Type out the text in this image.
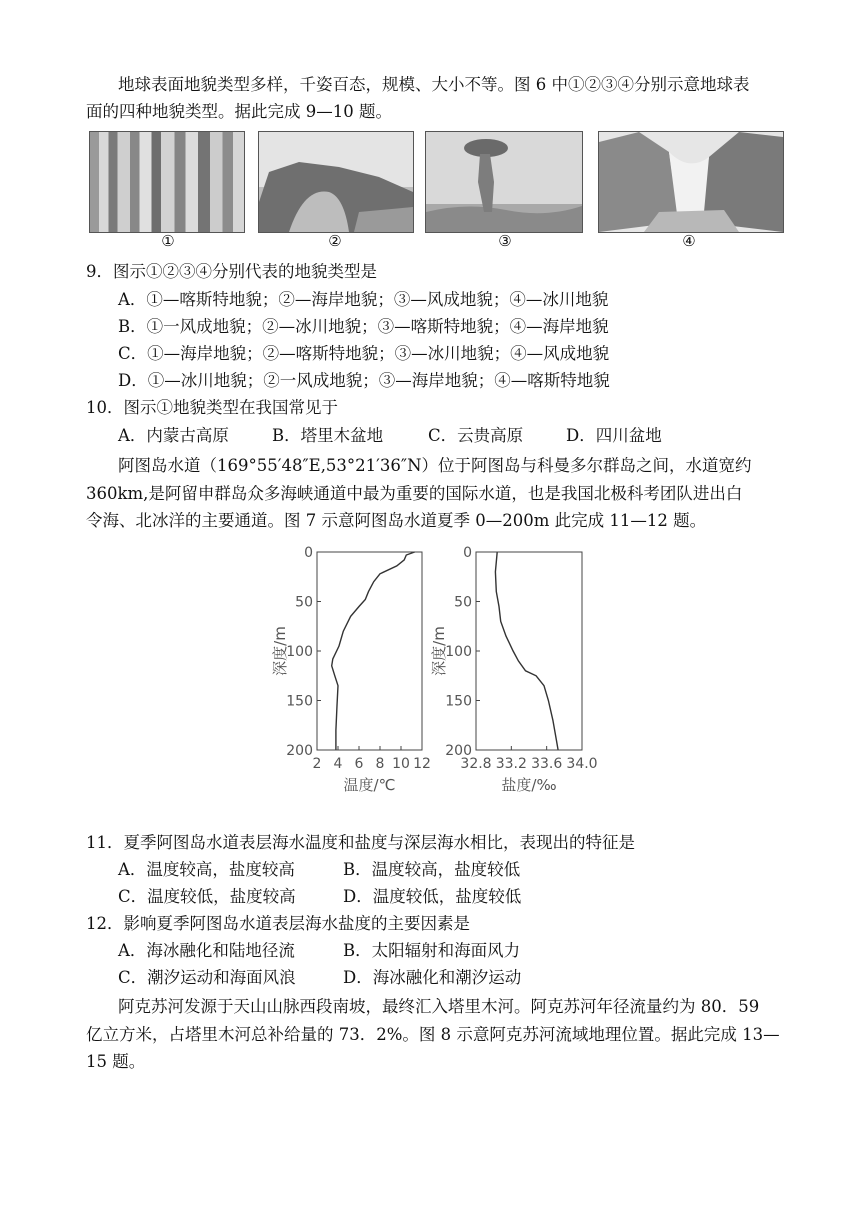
地球表面地貌类型多样，千姿百态，规模、大小不等。图 6 中①②③④分别示意地球表
面的四种地貌类型。据此完成 9—10 题。
①	②	③	④
9．图示①②③④分别代表的地貌类型是
A．①—喀斯特地貌；②—海岸地貌；③—风成地貌；④—冰川地貌
B．①一风成地貌；②—冰川地貌；③—喀斯特地貌；④—海岸地貌
C．①—海岸地貌；②—喀斯特地貌；③—冰川地貌；④—风成地貌
D．①—冰川地貌；②一风成地貌；③—海岸地貌；④—喀斯特地貌
10．图示①地貌类型在我国常见于
A．内蒙古高原	B．塔里木盆地	C．云贵高原	D．四川盆地
阿图岛水道（169°55′48″E,53°21′36″N）位于阿图岛与科曼多尔群岛之间，水道宽约
360km,是阿留申群岛众多海峡通道中最为重要的国际水道，也是我国北极科考团队进出白
令海、北冰洋的主要通道。图 7 示意阿图岛水道夏季 0—200m 此完成 11—12 题。
0
50
100
150
200
2 4 6 8 10 12
温度/℃
深度/m
0
50
100
150
200
32.8 33.2 33.6 34.0
盐度/‰
深度/m
11．夏季阿图岛水道表层海水温度和盐度与深层海水相比，表现出的特征是
A．温度较高，盐度较高	B．温度较高，盐度较低
C．温度较低，盐度较高	D．温度较低，盐度较低
12．影响夏季阿图岛水道表层海水盐度的主要因素是
A．海冰融化和陆地径流	B．太阳辐射和海面风力
C．潮汐运动和海面风浪	D．海冰融化和潮汐运动
阿克苏河发源于天山山脉西段南坡，最终汇入塔里木河。阿克苏河年径流量约为 80．59
亿立方米，占塔里木河总补给量的 73．2%。图 8 示意阿克苏河流域地理位置。据此完成 13—
15 题。
